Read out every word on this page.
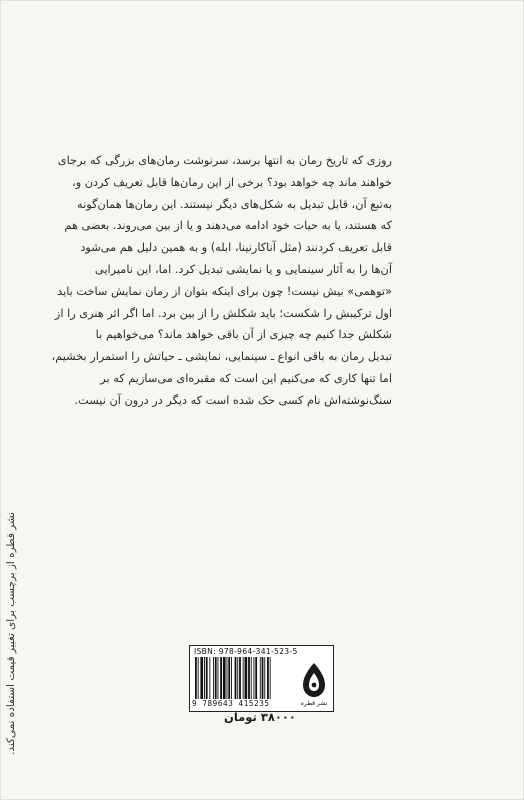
روزی که تاریخ رمان به انتها برسد، سرنوشت رمان‌های بزرگی که برجای
خواهند ماند چه خواهد بود؟ برخی از این رمان‌ها قابل تعریف کردن و،
به‌تبع آن، قابل تبدیل به شکل‌های دیگر نیستند. این رمان‌ها همان‌گونه
که هستند، یا به حیات خود ادامه می‌دهند و یا از بین می‌روند. بعضی هم
قابل تعریف کردنند (مثل آناکارنینا، ابله) و به همین دلیل هم می‌شود
آن‌ها را به آثار سینمایی و یا نمایشی تبدیل کرد. اما، این نامیرایی
«توهمی» بیش نیست! چون برای اینکه بتوان از رمان نمایش ساخت باید
اول ترکیبش را شکست؛ باید شکلش را از بین برد. اما اگر اثر هنری را از
شکلش جدا کنیم چه چیزی از آن باقی خواهد ماند؟ می‌خواهیم با
تبدیل رمان به باقی انواع ـ سینمایی، نمایشی ـ حیاتش را استمرار بخشیم،
اما تنها کاری که می‌کنیم این است که مقبره‌ای می‌سازیم که بر
سنگ‌نوشته‌اش نام کسی حک شده است که دیگر در درون آن نیست.
نشر قطره از برچسب برای تغییر قیمت استفاده نمی‌کند.	ISBN: 978-964-341-523-5
9 789643 415235	نشر قطره
۳۸۰۰۰ تومان
